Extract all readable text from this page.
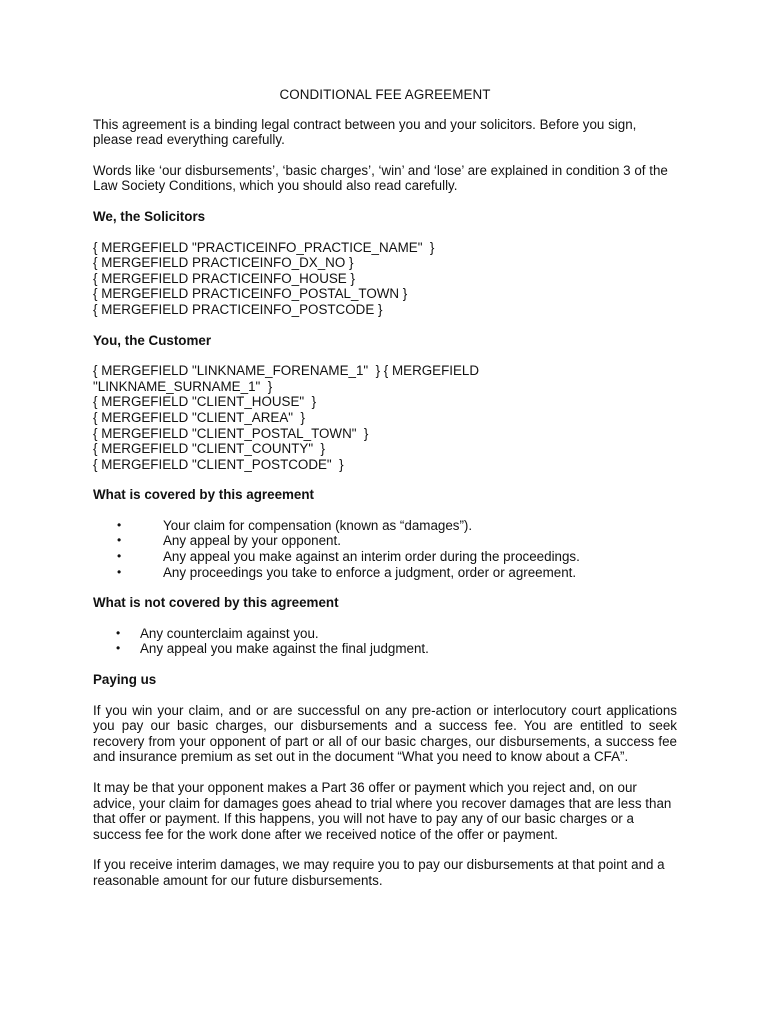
CONDITIONAL FEE AGREEMENT

This agreement is a binding legal contract between you and your solicitors. Before you sign, please read everything carefully.

Words like ‘our disbursements’, ‘basic charges’, ‘win’ and ‘lose’ are explained in condition 3 of the Law Society Conditions, which you should also read carefully.

We, the Solicitors
{ MERGEFIELD "PRACTICEINFO_PRACTICE_NAME"  }
{ MERGEFIELD PRACTICEINFO_DX_NO }
{ MERGEFIELD PRACTICEINFO_HOUSE }
{ MERGEFIELD PRACTICEINFO_POSTAL_TOWN }
{ MERGEFIELD PRACTICEINFO_POSTCODE }
You, the Customer
{ MERGEFIELD "LINKNAME_FORENAME_1"  } { MERGEFIELD
"LINKNAME_SURNAME_1"  }
{ MERGEFIELD "CLIENT_HOUSE"  }
{ MERGEFIELD "CLIENT_AREA"  }
{ MERGEFIELD "CLIENT_POSTAL_TOWN"  }
{ MERGEFIELD "CLIENT_COUNTY"  }
{ MERGEFIELD "CLIENT_POSTCODE"  }
What is covered by this agreement
•	Your claim for compensation (known as “damages”).
•	Any appeal by your opponent.
•	Any appeal you make against an interim order during the proceedings.
•	Any proceedings you take to enforce a judgment, order or agreement.
What is not covered by this agreement
• Any counterclaim against you.
• Any appeal you make against the final judgment.
Paying us

If you win your claim, and or are successful on any pre-action or interlocutory court applications you pay our basic charges, our disbursements and a success fee. You are entitled to seek recovery from your opponent of part or all of our basic charges, our disbursements, a success fee and insurance premium as set out in the document “What you need to know about a CFA”.

It may be that your opponent makes a Part 36 offer or payment which you reject and, on our advice, your claim for damages goes ahead to trial where you recover damages that are less than that offer or payment. If this happens, you will not have to pay any of our basic charges or a success fee for the work done after we received notice of the offer or payment.

If you receive interim damages, we may require you to pay our disbursements at that point and a reasonable amount for our future disbursements.
